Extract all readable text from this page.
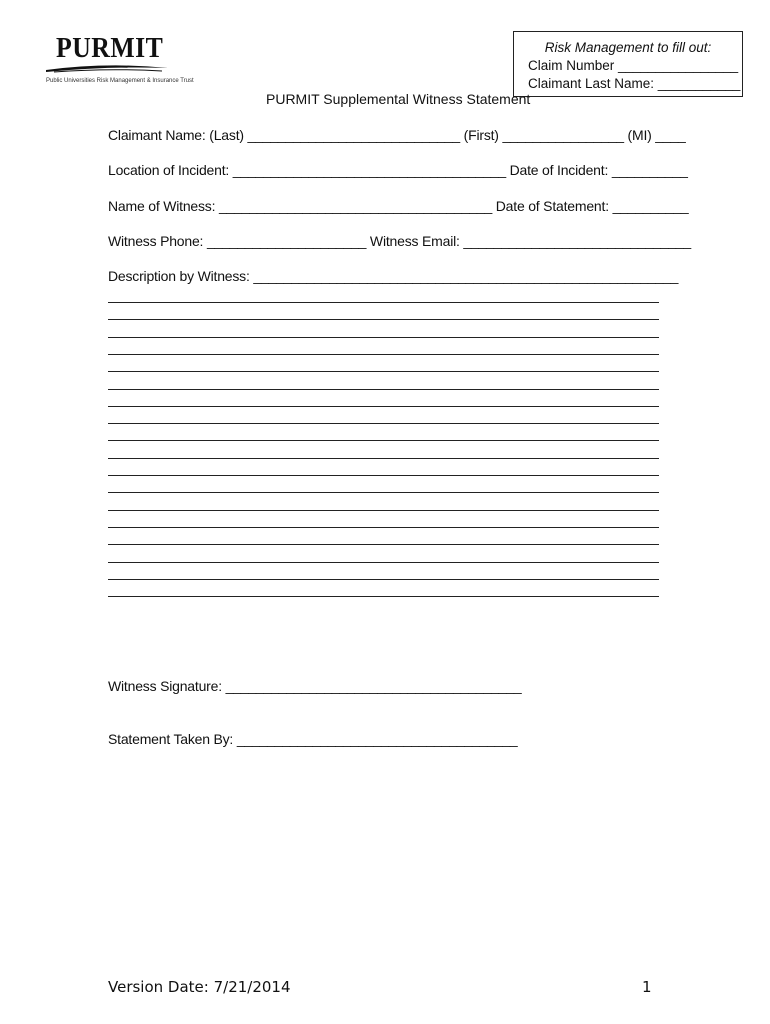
PURMIT
Public Universities Risk Management & Insurance Trust
Risk Management to fill out:
Claim Number ________________
Claimant Last Name: ___________
PURMIT Supplemental Witness Statement
Claimant Name: (Last) ____________________________ (First) ________________ (MI) ____
Location of Incident: ____________________________________ Date of Incident: __________
Name of Witness: ____________________________________ Date of Statement: __________
Witness Phone: _____________________ Witness Email: ______________________________
Description by Witness: ________________________________________________________
Witness Signature: _______________________________________
Statement Taken By: _____________________________________
Version Date: 7/21/2014	1
